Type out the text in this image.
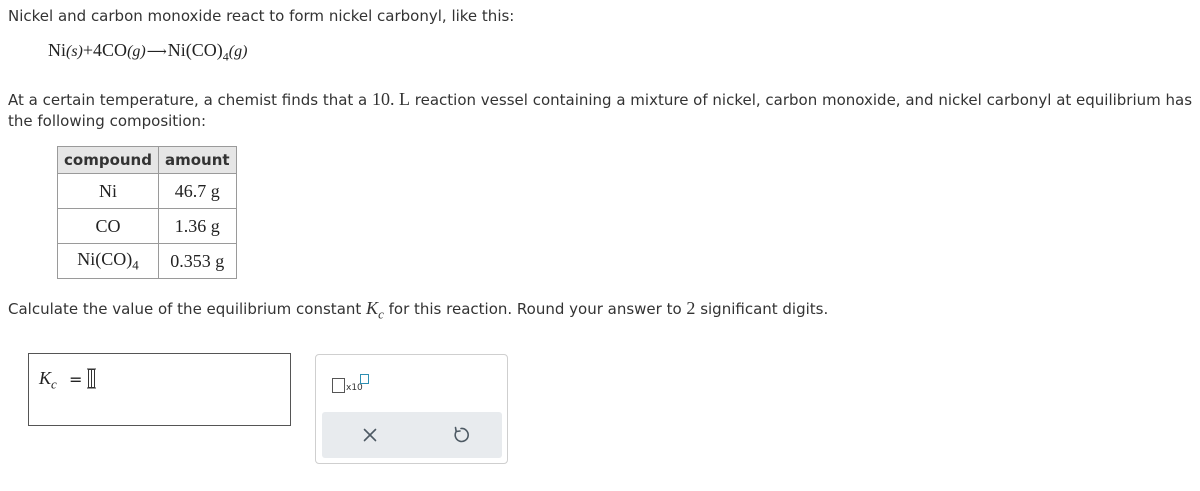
Nickel and carbon monoxide react to form nickel carbonyl, like this:
$Ni(s)+4CO(g)⟶Ni(CO)_4(g)$
At a certain temperature, a chemist finds that a 10. L reaction vessel containing a mixture of nickel, carbon monoxide, and nickel carbonyl at equilibrium has the following composition:
compound	amount
Ni	46.7 g
CO	1.36 g
$Ni(CO)_4$	0.353 g
Calculate the value of the equilibrium constant $K_c$ for this reaction. Round your answer to 2 significant digits.
$K_c$ =	x10
